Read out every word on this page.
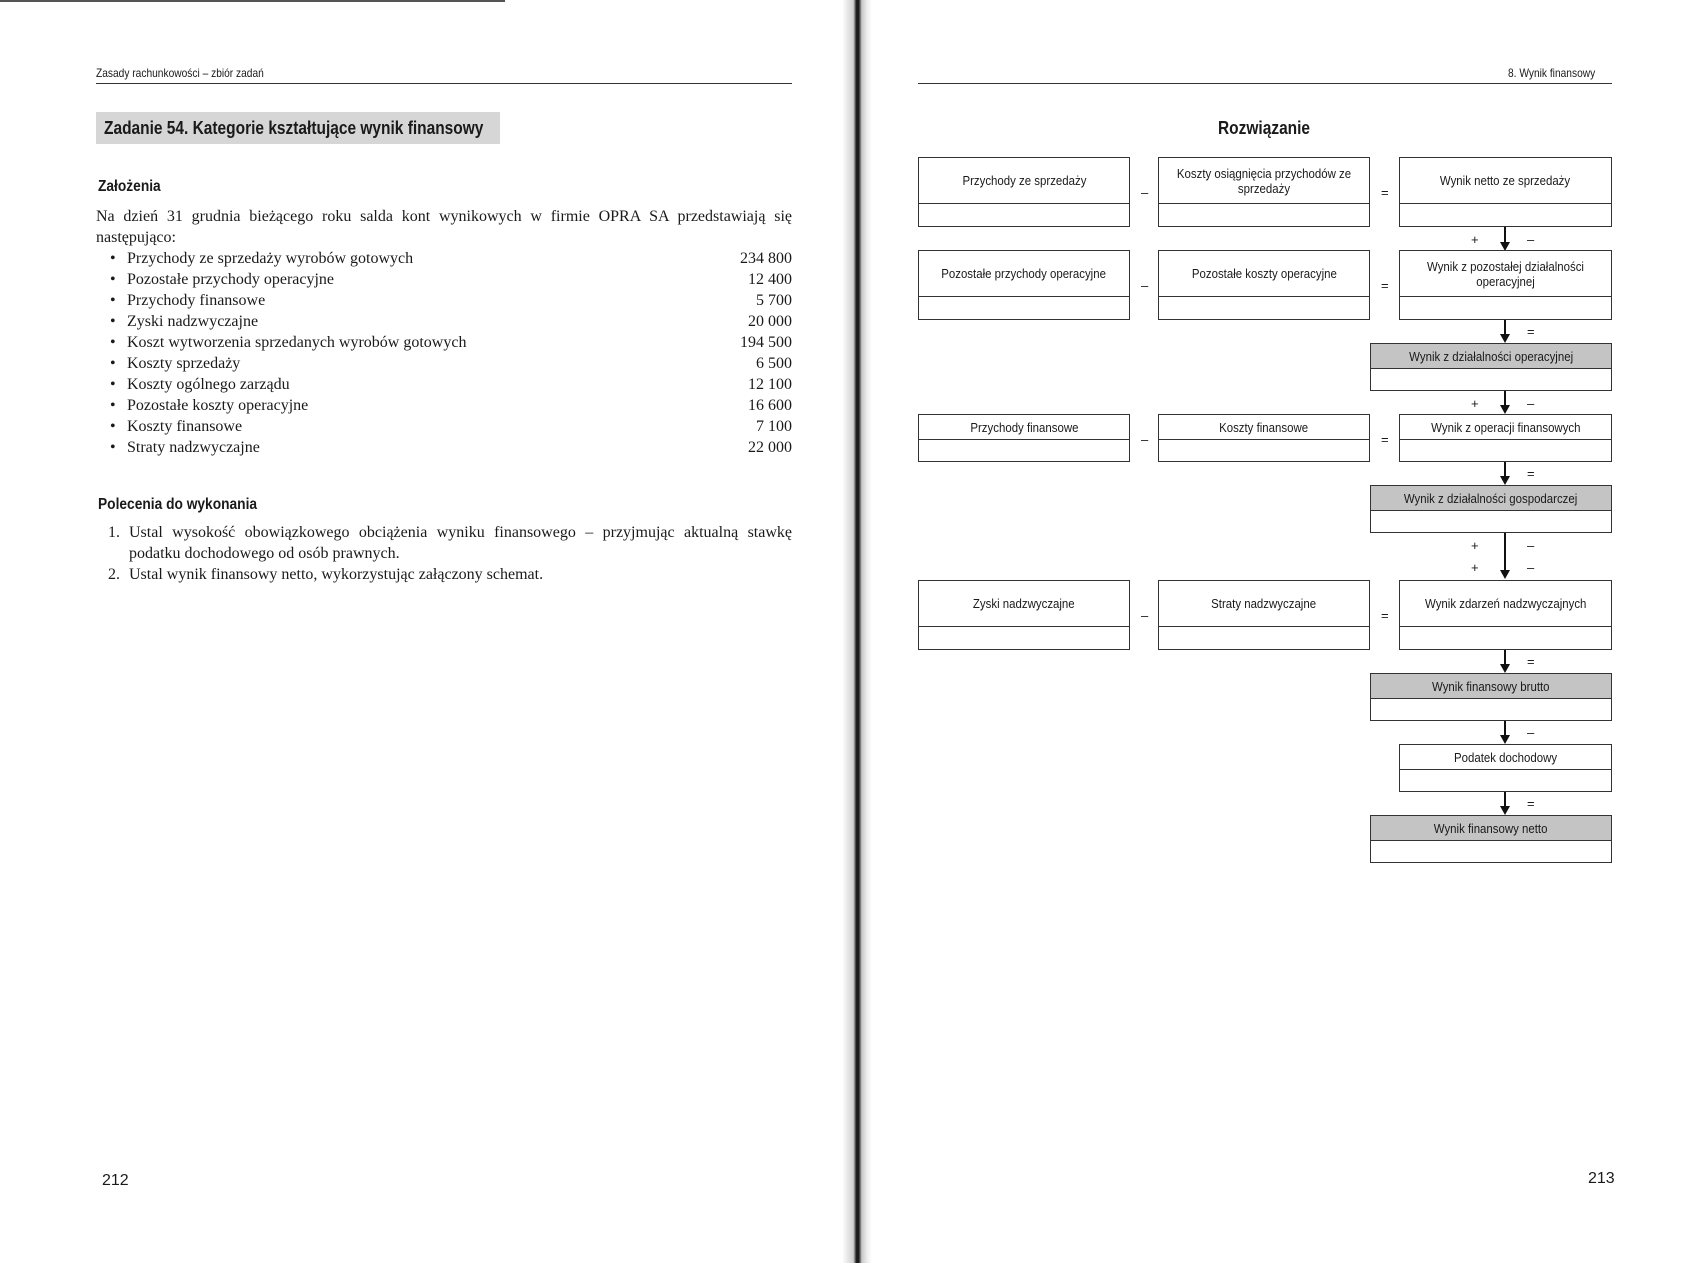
Zasady rachunkowości – zbiór zadań
Zadanie 54. Kategorie kształtujące wynik finansowy
Założenia
Na dzień 31 grudnia bieżącego roku salda kont wynikowych w firmie OPRA SA przedstawiają się następująco:
• Przychody ze sprzedaży wyrobów gotowych	234 800
• Pozostałe przychody operacyjne	12 400
• Przychody finansowe	5 700
• Zyski nadzwyczajne	20 000
• Koszt wytworzenia sprzedanych wyrobów gotowych	194 500
• Koszty sprzedaży	6 500
• Koszty ogólnego zarządu	12 100
• Pozostałe koszty operacyjne	16 600
• Koszty finansowe	7 100
• Straty nadzwyczajne	22 000
Polecenia do wykonania
1. Ustal wysokość obowiązkowego obciążenia wyniku finansowego – przyjmując aktualną stawkę podatku dochodowego od osób prawnych.
2. Ustal wynik finansowy netto, wykorzystując załączony schemat.
212
8. Wynik finansowy
Rozwiązanie
Przychody ze sprzedaży
–
Koszty osiągnięcia przychodów ze sprzedaży	=
Wynik netto ze sprzedaży
+	–
Pozostałe przychody operacyjne
–
Pozostałe koszty operacyjne
=
Wynik z pozostałej działalności operacyjnej
=
Wynik z działalności operacyjnej
+	–
Przychody finansowe
–
Koszty finansowe
=
Wynik z operacji finansowych
=
Wynik z działalności gospodarczej
+	–
+	–
Zyski nadzwyczajne
–
Straty nadzwyczajne
=
Wynik zdarzeń nadzwyczajnych
=
Wynik finansowy brutto
–
Podatek dochodowy
=
Wynik finansowy netto
213
